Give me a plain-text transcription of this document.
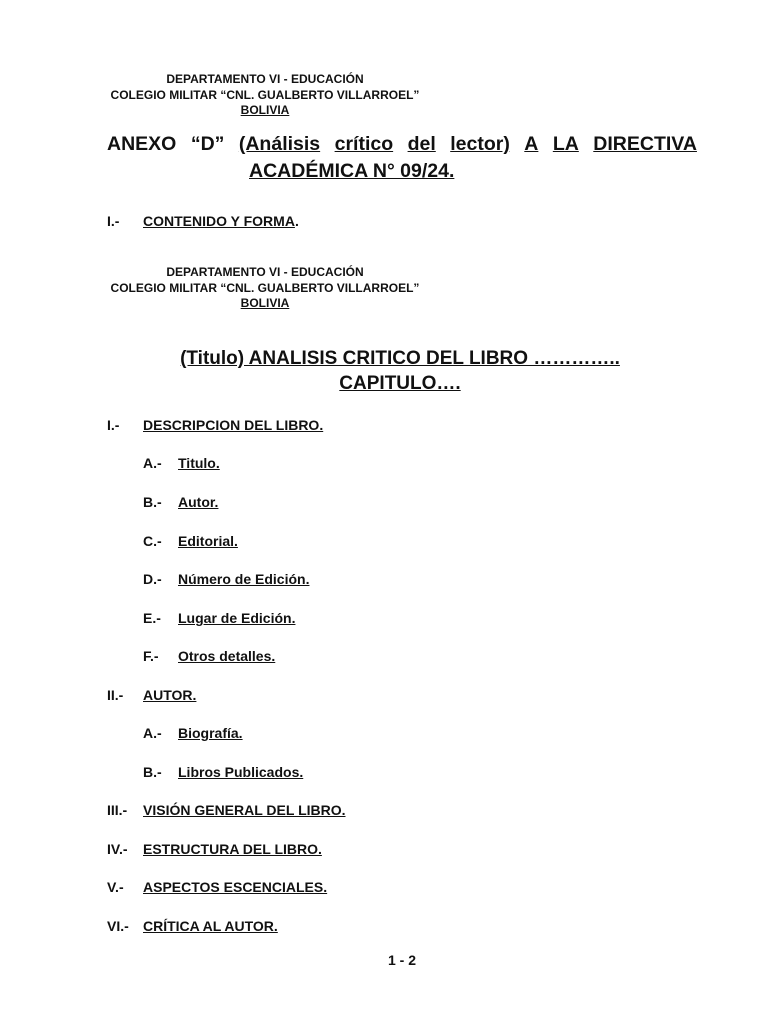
DEPARTAMENTO VI - EDUCACIÓN
COLEGIO MILITAR “CNL. GUALBERTO VILLARROEL”
BOLIVIA
ANEXO “D” (Análisis crítico del lector) A LA DIRECTIVA
ACADÉMICA N° 09/24.
I.- CONTENIDO Y FORMA.
DEPARTAMENTO VI - EDUCACIÓN
COLEGIO MILITAR “CNL. GUALBERTO VILLARROEL”
BOLIVIA
(Titulo) ANALISIS CRITICO DEL LIBRO …………..
CAPITULO….
I.- DESCRIPCION DEL LIBRO.
A.- Titulo.
B.- Autor.
C.- Editorial.
D.- Número de Edición.
E.- Lugar de Edición.
F.- Otros detalles.
II.- AUTOR.
A.- Biografía.
B.- Libros Publicados.
III.- VISIÓN GENERAL DEL LIBRO.
IV.- ESTRUCTURA DEL LIBRO.
V.- ASPECTOS ESCENCIALES.
VI.- CRÍTICA AL AUTOR.
1 - 2
